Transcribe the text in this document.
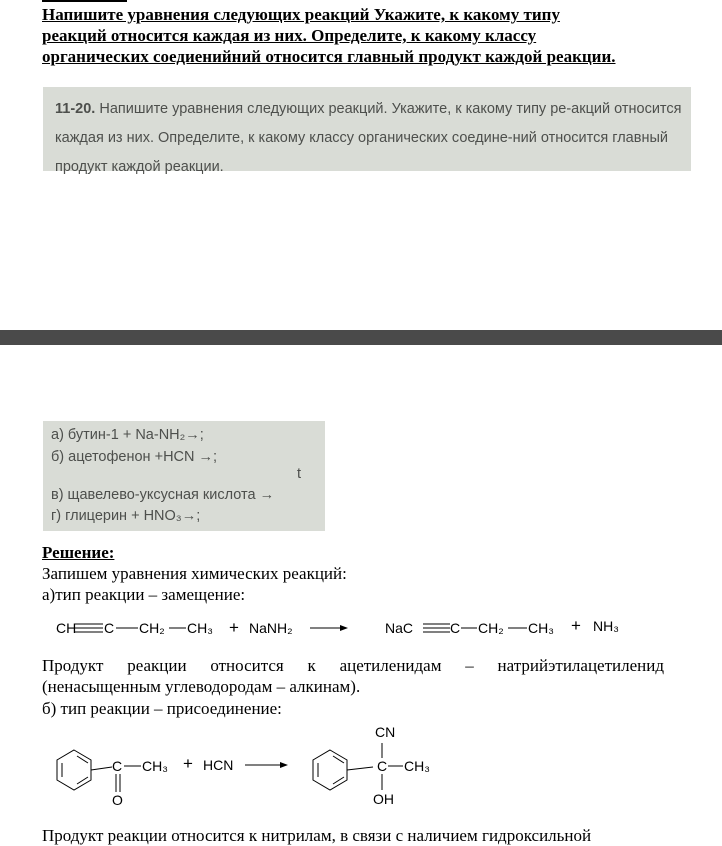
Напишите уравнения следующих реакций Укажите, к какому типу реакций относится каждая из них. Определите, к какому классу органических соедиенийний относится главный продукт каждой реакции.
11-20. Напишите уравнения следующих реакций. Укажите, к какому типу ре-акций относится каждая из них. Определите, к какому классу органических соедине-ний относится главный продукт каждой реакции.
а) бутин-1 + Na-NH₂→;
б) ацетофенон +HCN →;
t
в) щавелево-уксусная кислота →
г) глицерин + HNO₃→;
Решение:
Запишем уравнения химических реакций:
а)тип реакции – замещение:
CH C CH₂ CH₃ + NaNH₂	NaC	C CH₂ CH₃ + NH₃
Продукт реакции относится к ацетиленидам – натрийэтилацетиленид (ненасыщенным углеводородам – алкинам).
б) тип реакции – присоединение:
C CH₃
O
+ HCN
CN
C CH₃
OH
Продукт реакции относится к нитрилам, в связи с наличием гидроксильной
